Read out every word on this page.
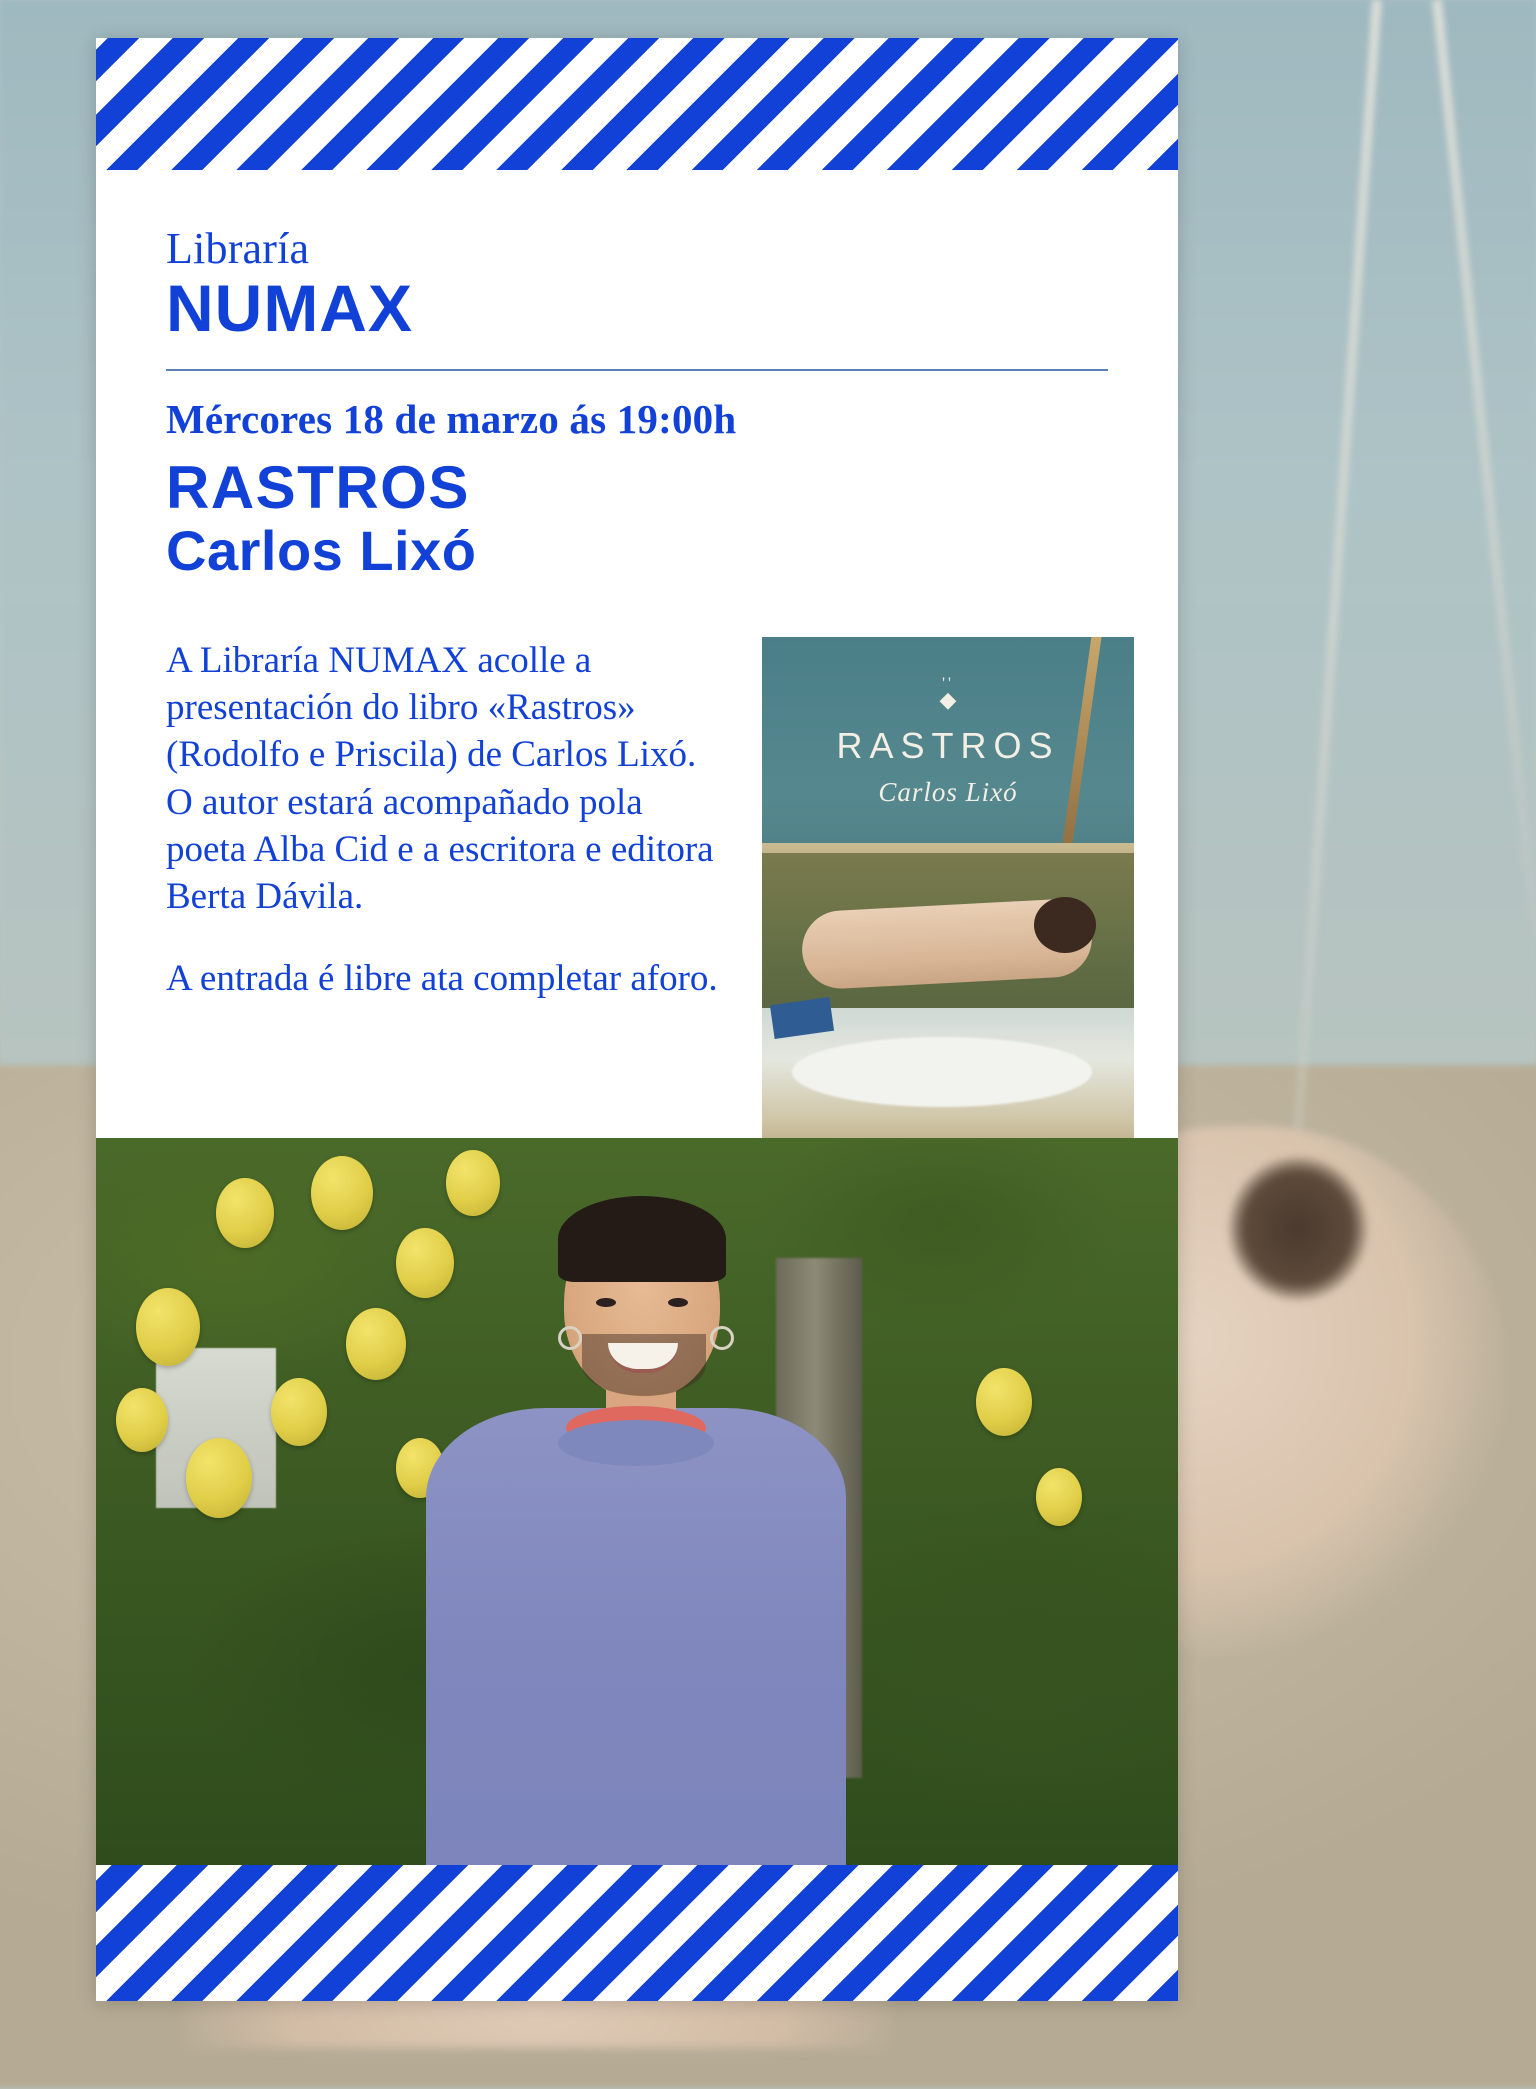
Libraría
NUMAX
Mércores 18 de marzo ás 19:00h
RASTROS
Carlos Lixó

A Libraría NUMAX acolle a presentación do libro «Rastros» (Rodolfo e Priscila) de Carlos Lixó. O autor estará acompañado pola poeta Alba Cid e a escritora e editora Berta Dávila.

A entrada é libre ata completar aforo.

''
◆
RASTROS
Carlos Lixó
